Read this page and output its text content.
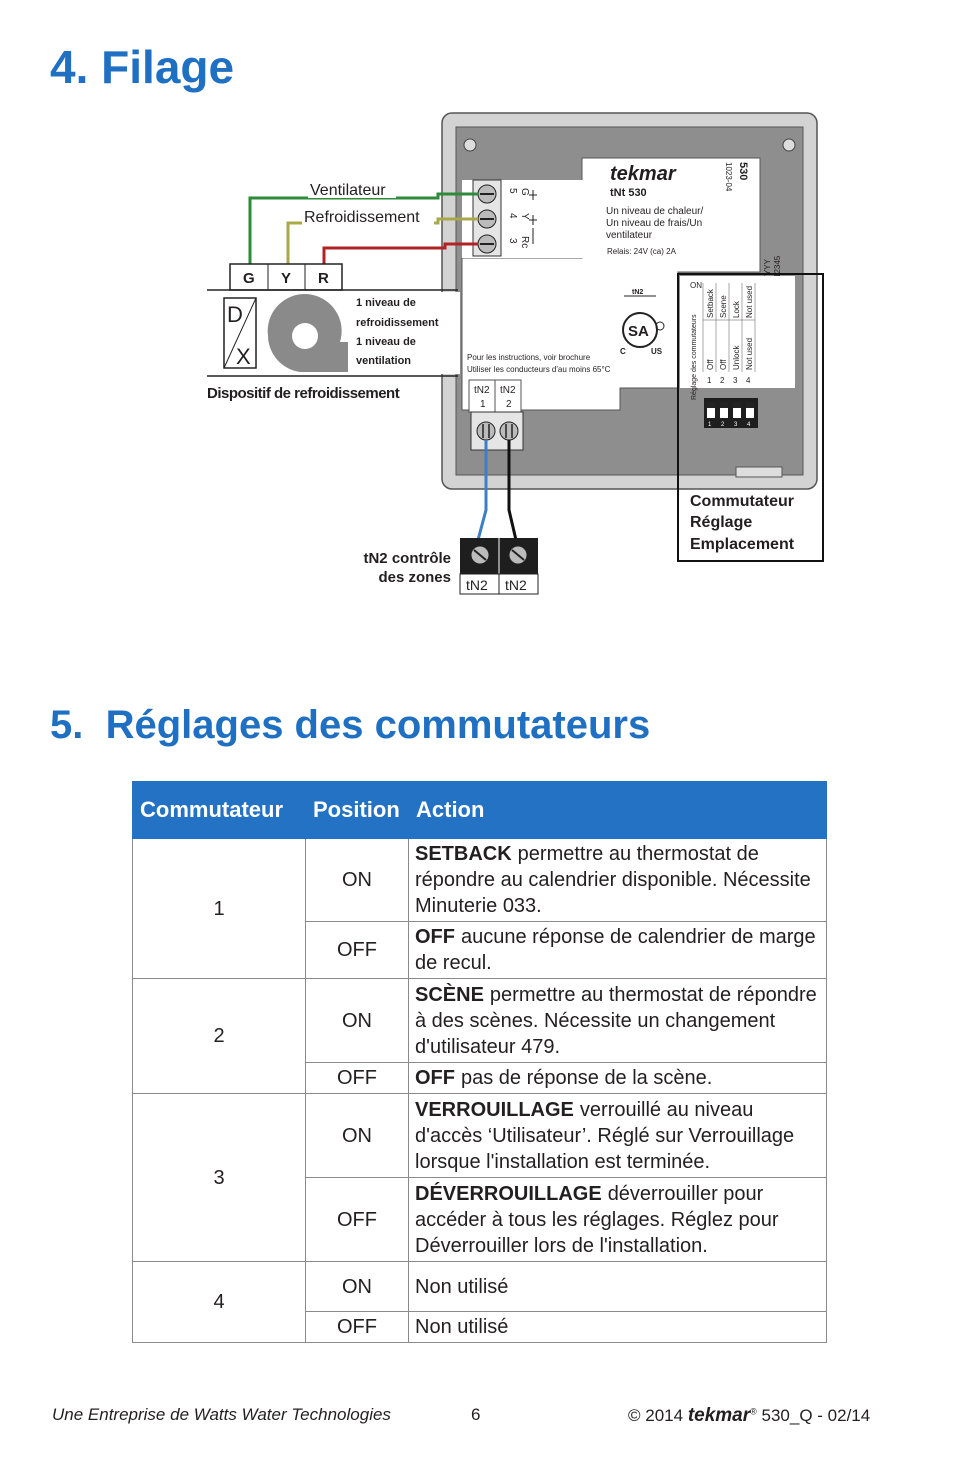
4. Filage
5
4
3
G
Y
Rc
tekmar
tNt 530
530
1023-04
Un niveau de chaleur/
Un niveau de frais/Un
ventilateur
Relais: 24V (ca) 2A
tN2
SA
C	US
Pour les instructions, voir brochure
Utiliser les conducteurs d'au moins 65°C
tN2
1
tN2
2
ON
Réglage des commutateurs
Setback Scene Lock Not used
Off Off Unlock Not used
1 2 3 4
1 2 3 4
Commutateur
Réglage
Emplacement
Ventilateur
Refroidissement
G Y R
D
X
1 niveau de
refroidissement
1 niveau de
ventilation
Dispositif de refroidissement
tN2 tN2
tN2 contrôle
des zones
5. Réglages des commutateurs
Commutateur	Position	Action
1	ON	SETBACK permettre au thermostat de répondre au calendrier disponible. Nécessite Minuterie 033.
	OFF	OFF aucune réponse de calendrier de marge de recul.
2	ON	SCÈNE permettre au thermostat de répondre à des scènes. Nécessite un changement d'utilisateur 479.
	OFF	OFF pas de réponse de la scène.
3	ON	VERROUILLAGE verrouillé au niveau d'accès ‘Utilisateur’. Réglé sur Verrouillage lorsque l'installation est terminée.
	OFF	DÉVERROUILLAGE déverrouiller pour accéder à tous les réglages. Réglez pour Déverrouiller lors de l'installation.
4	ON	Non utilisé
	OFF	Non utilisé
Une Entreprise de Watts Water Technologies	6	© 2014 tekmar® 530_Q - 02/14
